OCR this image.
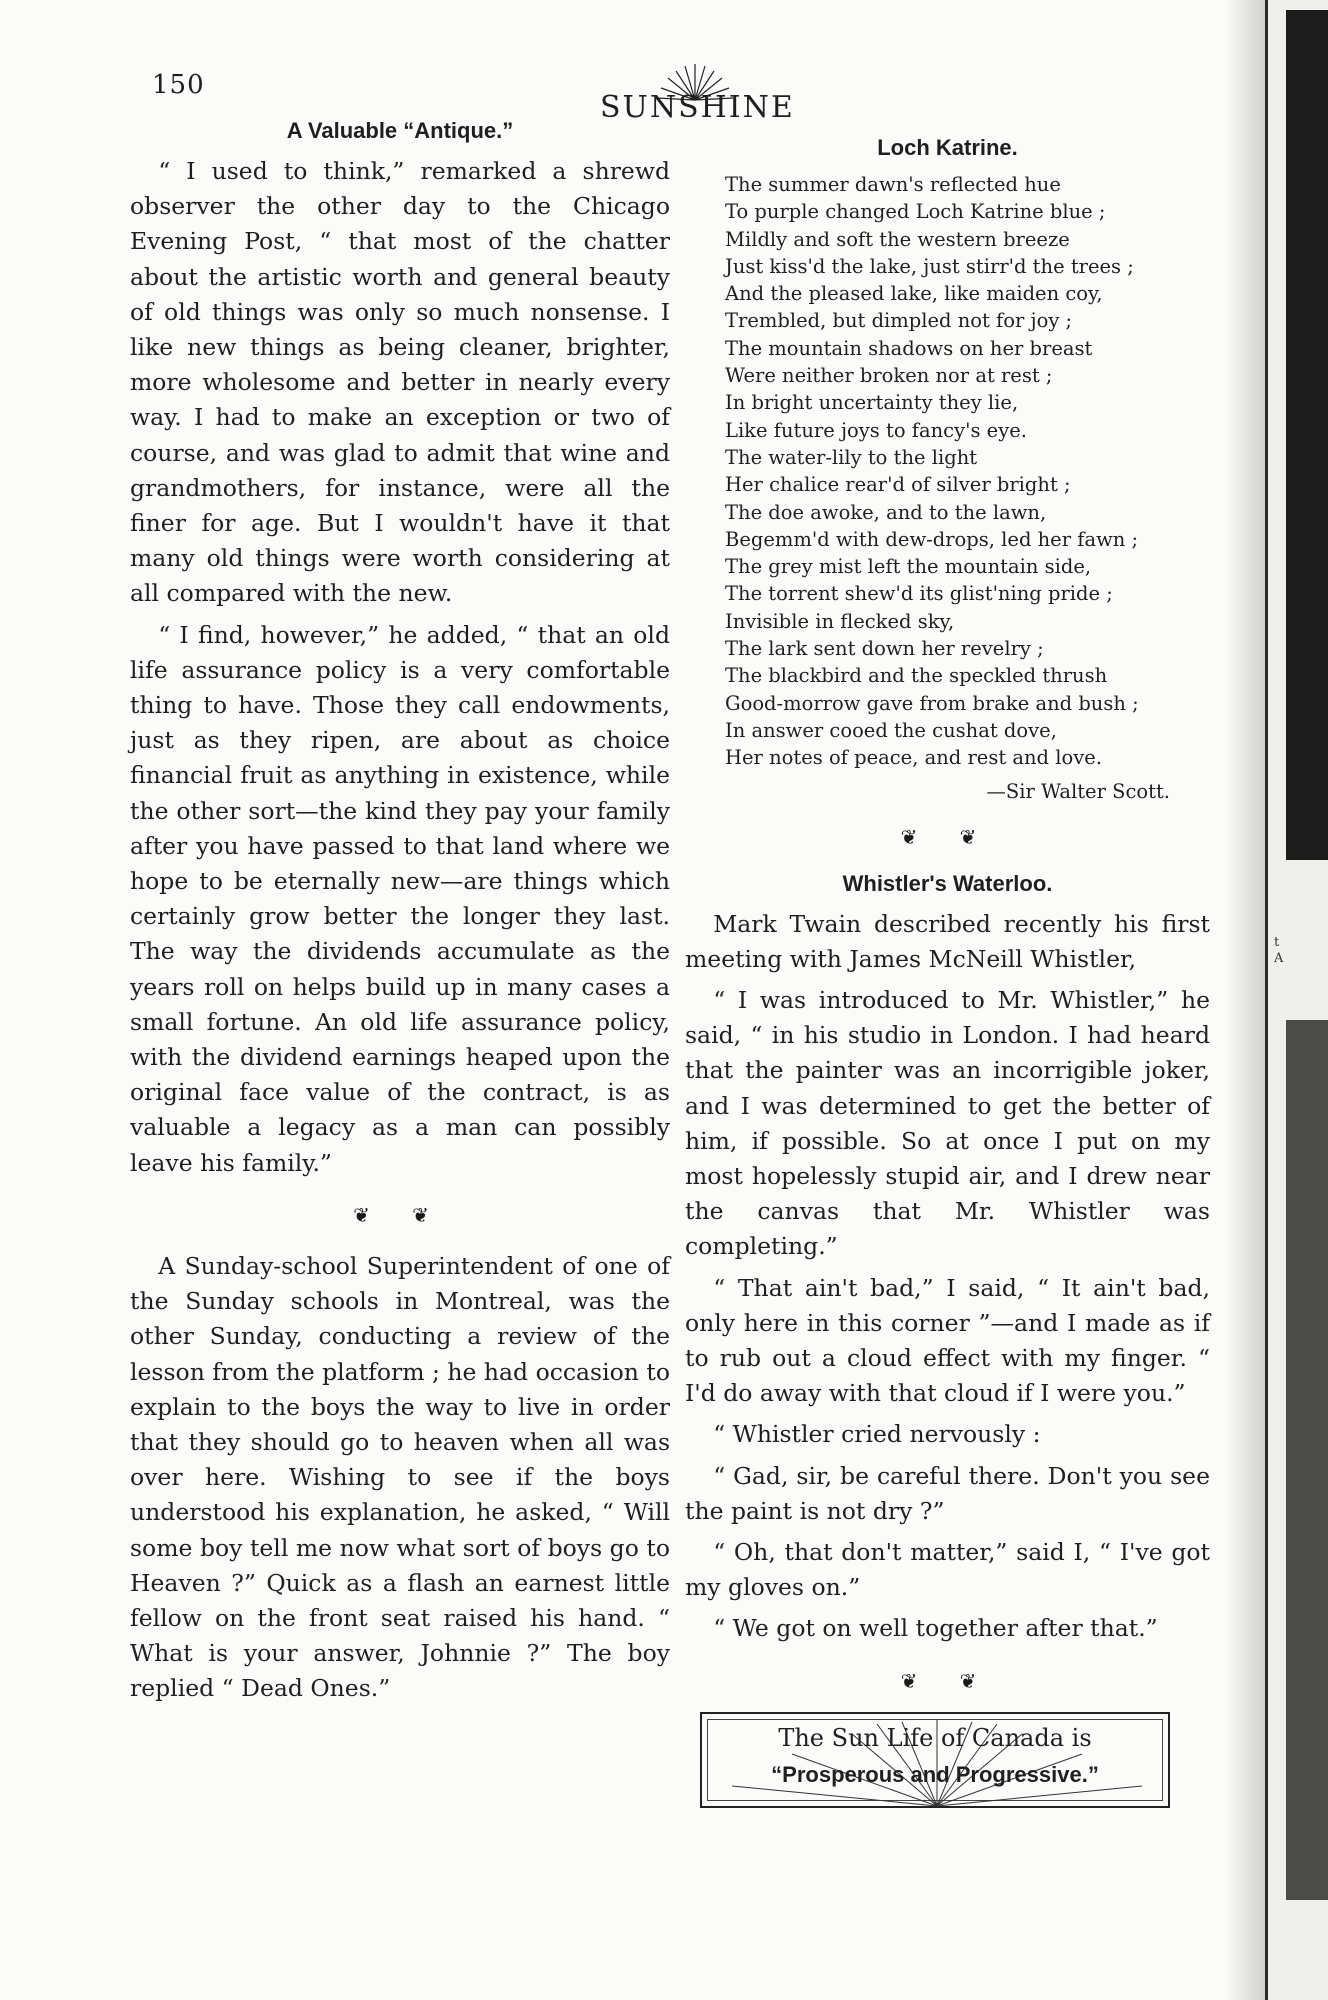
150
SUNSHINE
A Valuable “Antique.”

“ I used to think,” remarked a shrewd observer the other day to the Chicago Evening Post, “ that most of the chatter about the artistic worth and general beauty of old things was only so much nonsense. I like new things as being cleaner, brighter, more wholesome and better in nearly every way. I had to make an exception or two of course, and was glad to admit that wine and grandmothers, for instance, were all the finer for age. But I wouldn't have it that many old things were worth considering at all compared with the new.

“ I find, however,” he added, “ that an old life assurance policy is a very comfortable thing to have. Those they call endowments, just as they ripen, are about as choice financial fruit as anything in existence, while the other sort—the kind they pay your family after you have passed to that land where we hope to be eternally new—are things which certainly grow better the longer they last. The way the dividends accumulate as the years roll on helps build up in many cases a small fortune. An old life assurance policy, with the dividend earnings heaped upon the original face value of the contract, is as valuable a legacy as a man can possibly leave his family.”

❦ ❦

A Sunday-school Superintendent of one of the Sunday schools in Montreal, was the other Sunday, conducting a review of the lesson from the platform ; he had occasion to explain to the boys the way to live in order that they should go to heaven when all was over here. Wishing to see if the boys understood his explanation, he asked, “ Will some boy tell me now what sort of boys go to Heaven ?” Quick as a flash an earnest little fellow on the front seat raised his hand. “ What is your answer, Johnnie ?” The boy replied “ Dead Ones.”

Loch Katrine.
The summer dawn's reflected hue
To purple changed Loch Katrine blue ;
Mildly and soft the western breeze
Just kiss'd the lake, just stirr'd the trees ;
And the pleased lake, like maiden coy,
Trembled, but dimpled not for joy ;
The mountain shadows on her breast
Were neither broken nor at rest ;
In bright uncertainty they lie,
Like future joys to fancy's eye.
The water-lily to the light
Her chalice rear'd of silver bright ;
The doe awoke, and to the lawn,
Begemm'd with dew-drops, led her fawn ;
The grey mist left the mountain side,
The torrent shew'd its glist'ning pride ;
Invisible in flecked sky,
The lark sent down her revelry ;
The blackbird and the speckled thrush
Good-morrow gave from brake and bush ;
In answer cooed the cushat dove,
Her notes of peace, and rest and love.
—Sir Walter Scott.
❦ ❦
Whistler's Waterloo.

Mark Twain described recently his first meeting with James McNeill Whistler,

“ I was introduced to Mr. Whistler,” he said, “ in his studio in London. I had heard that the painter was an incorrigible joker, and I was determined to get the better of him, if possible. So at once I put on my most hopelessly stupid air, and I drew near the canvas that Mr. Whistler was completing.”

“ That ain't bad,” I said, “ It ain't bad, only here in this corner ”—and I made as if to rub out a cloud effect with my finger. “ I'd do away with that cloud if I were you.”

“ Whistler cried nervously :

“ Gad, sir, be careful there. Don't you see the paint is not dry ?”

“ Oh, that don't matter,” said I, “ I've got my gloves on.”

“ We got on well together after that.”

❦ ❦
The Sun Life of Canada is
“Prosperous and Progressive.”
t
A
